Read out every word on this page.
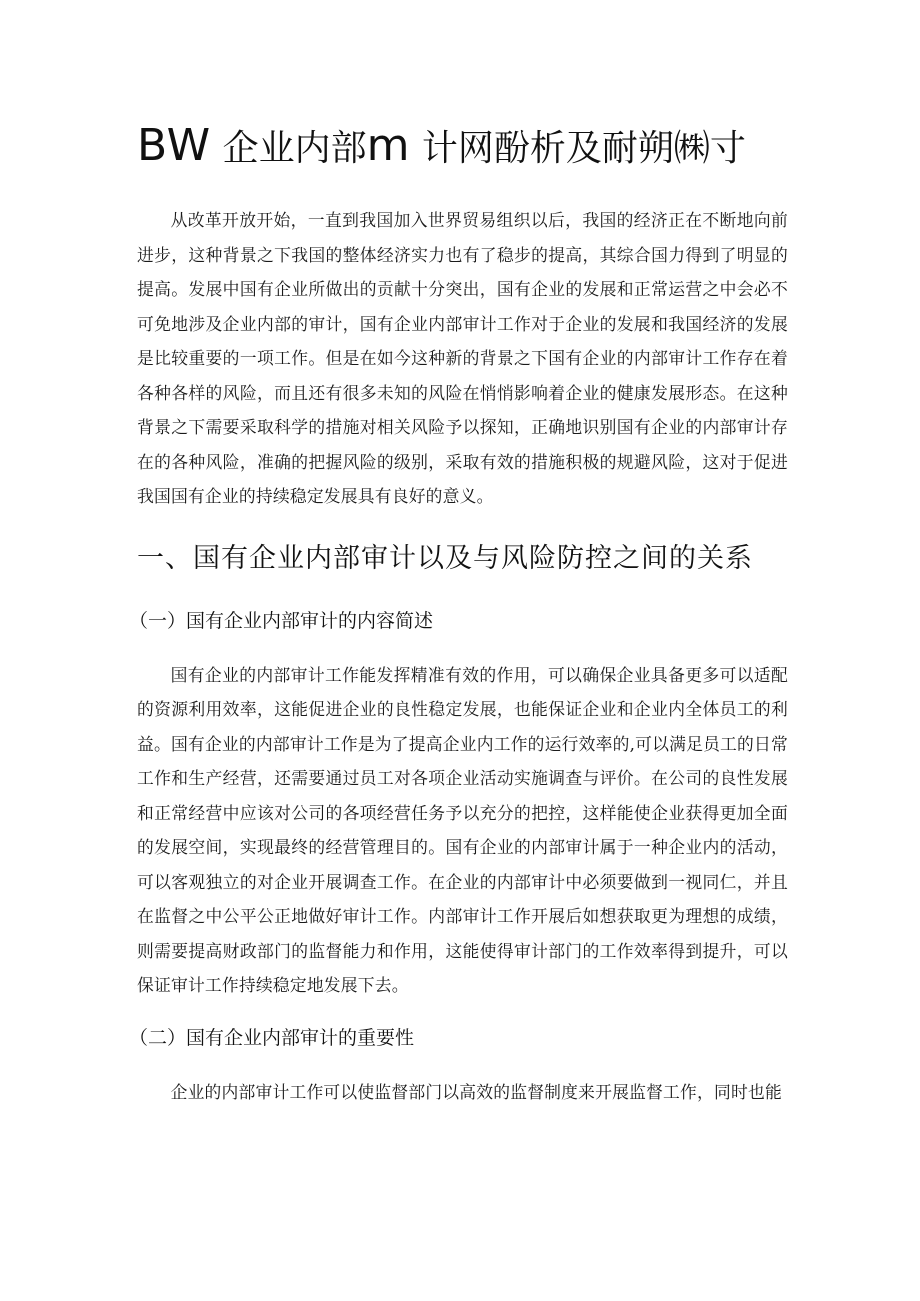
BW 企业内部m 计网酚析及耐朔㈱寸

从改革开放开始，一直到我国加入世界贸易组织以后，我国的经济正在不断地向前进步，这种背景之下我国的整体经济实力也有了稳步的提高，其综合国力得到了明显的提高。发展中国有企业所做出的贡献十分突出，国有企业的发展和正常运营之中会必不可免地涉及企业内部的审计，国有企业内部审计工作对于企业的发展和我国经济的发展是比较重要的一项工作。但是在如今这种新的背景之下国有企业的内部审计工作存在着各种各样的风险，而且还有很多未知的风险在悄悄影响着企业的健康发展形态。在这种背景之下需要采取科学的措施对相关风险予以探知，正确地识别国有企业的内部审计存在的各种风险，准确的把握风险的级别，采取有效的措施积极的规避风险，这对于促进我国国有企业的持续稳定发展具有良好的意义。

一、国有企业内部审计以及与风险防控之间的关系
（一）国有企业内部审计的内容简述

国有企业的内部审计工作能发挥精准有效的作用，可以确保企业具备更多可以适配的资源利用效率，这能促进企业的良性稳定发展，也能保证企业和企业内全体员工的利益。国有企业的内部审计工作是为了提高企业内工作的运行效率的,可以满足员工的日常工作和生产经营，还需要通过员工对各项企业活动实施调查与评价。在公司的良性发展和正常经营中应该对公司的各项经营任务予以充分的把控，这样能使企业获得更加全面的发展空间，实现最终的经营管理目的。国有企业的内部审计属于一种企业内的活动，可以客观独立的对企业开展调查工作。在企业的内部审计中必须要做到一视同仁，并且在监督之中公平公正地做好审计工作。内部审计工作开展后如想获取更为理想的成绩，则需要提高财政部门的监督能力和作用，这能使得审计部门的工作效率得到提升，可以保证审计工作持续稳定地发展下去。

（二）国有企业内部审计的重要性

企业的内部审计工作可以使监督部门以高效的监督制度来开展监督工作，同时也能
